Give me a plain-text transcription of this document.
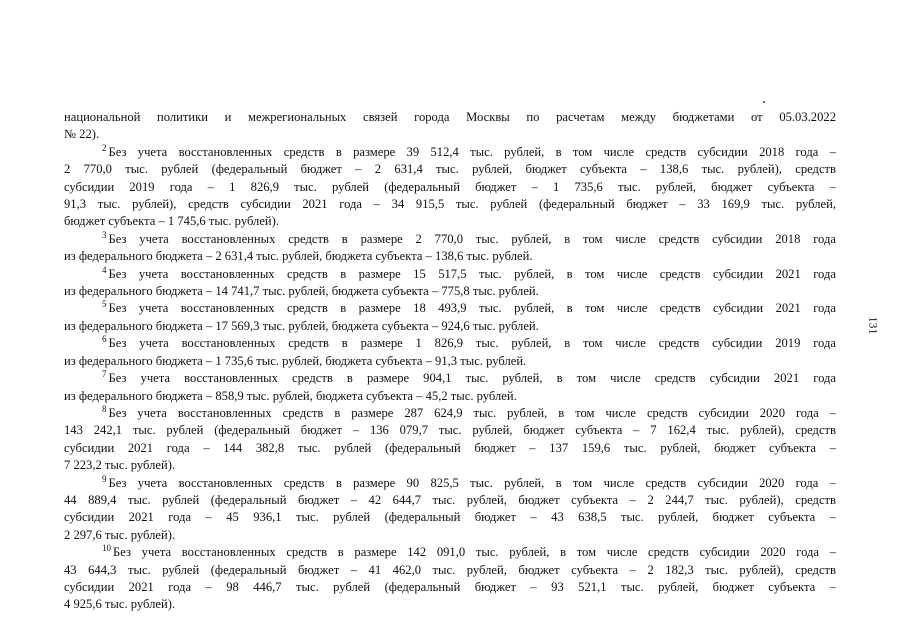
национальной политики и межрегиональных связей города Москвы по расчетам между бюджетами от 05.03.2022
№ 22).
$^2$ Без учета восстановленных средств в размере 39 512,4 тыс. рублей, в том числе средств субсидии 2018 года –
2 770,0 тыс. рублей (федеральный бюджет – 2 631,4 тыс. рублей, бюджет субъекта – 138,6 тыс. рублей), средств
субсидии 2019 года – 1 826,9 тыс. рублей (федеральный бюджет – 1 735,6 тыс. рублей, бюджет субъекта –
91,3 тыс. рублей), средств субсидии 2021 года – 34 915,5 тыс. рублей (федеральный бюджет – 33 169,9 тыс. рублей,
бюджет субъекта – 1 745,6 тыс. рублей).
$^3$ Без учета восстановленных средств в размере 2 770,0 тыс. рублей, в том числе средств субсидии 2018 года
из федерального бюджета – 2 631,4 тыс. рублей, бюджета субъекта – 138,6 тыс. рублей.
$^4$ Без учета восстановленных средств в размере 15 517,5 тыс. рублей, в том числе средств субсидии 2021 года
из федерального бюджета – 14 741,7 тыс. рублей, бюджета субъекта – 775,8 тыс. рублей.
$^5$ Без учета восстановленных средств в размере 18 493,9 тыс. рублей, в том числе средств субсидии 2021 года
из федерального бюджета – 17 569,3 тыс. рублей, бюджета субъекта – 924,6 тыс. рублей.
$^6$ Без учета восстановленных средств в размере 1 826,9 тыс. рублей, в том числе средств субсидии 2019 года
из федерального бюджета – 1 735,6 тыс. рублей, бюджета субъекта – 91,3 тыс. рублей.
$^7$ Без учета восстановленных средств в размере 904,1 тыс. рублей, в том числе средств субсидии 2021 года
из федерального бюджета – 858,9 тыс. рублей, бюджета субъекта – 45,2 тыс. рублей.
$^8$ Без учета восстановленных средств в размере 287 624,9 тыс. рублей, в том числе средств субсидии 2020 года –
143 242,1 тыс. рублей (федеральный бюджет – 136 079,7 тыс. рублей, бюджет субъекта – 7 162,4 тыс. рублей), средств
субсидии 2021 года – 144 382,8 тыс. рублей (федеральный бюджет – 137 159,6 тыс. рублей, бюджет субъекта –
7 223,2 тыс. рублей).
$^9$ Без учета восстановленных средств в размере 90 825,5 тыс. рублей, в том числе средств субсидии 2020 года –
44 889,4 тыс. рублей (федеральный бюджет – 42 644,7 тыс. рублей, бюджет субъекта – 2 244,7 тыс. рублей), средств
субсидии 2021 года – 45 936,1 тыс. рублей (федеральный бюджет – 43 638,5 тыс. рублей, бюджет субъекта –
2 297,6 тыс. рублей).
$^{10}$ Без учета восстановленных средств в размере 142 091,0 тыс. рублей, в том числе средств субсидии 2020 года –
43 644,3 тыс. рублей (федеральный бюджет – 41 462,0 тыс. рублей, бюджет субъекта – 2 182,3 тыс. рублей), средств
субсидии 2021 года – 98 446,7 тыс. рублей (федеральный бюджет – 93 521,1 тыс. рублей, бюджет субъекта –
4 925,6 тыс. рублей).
131
